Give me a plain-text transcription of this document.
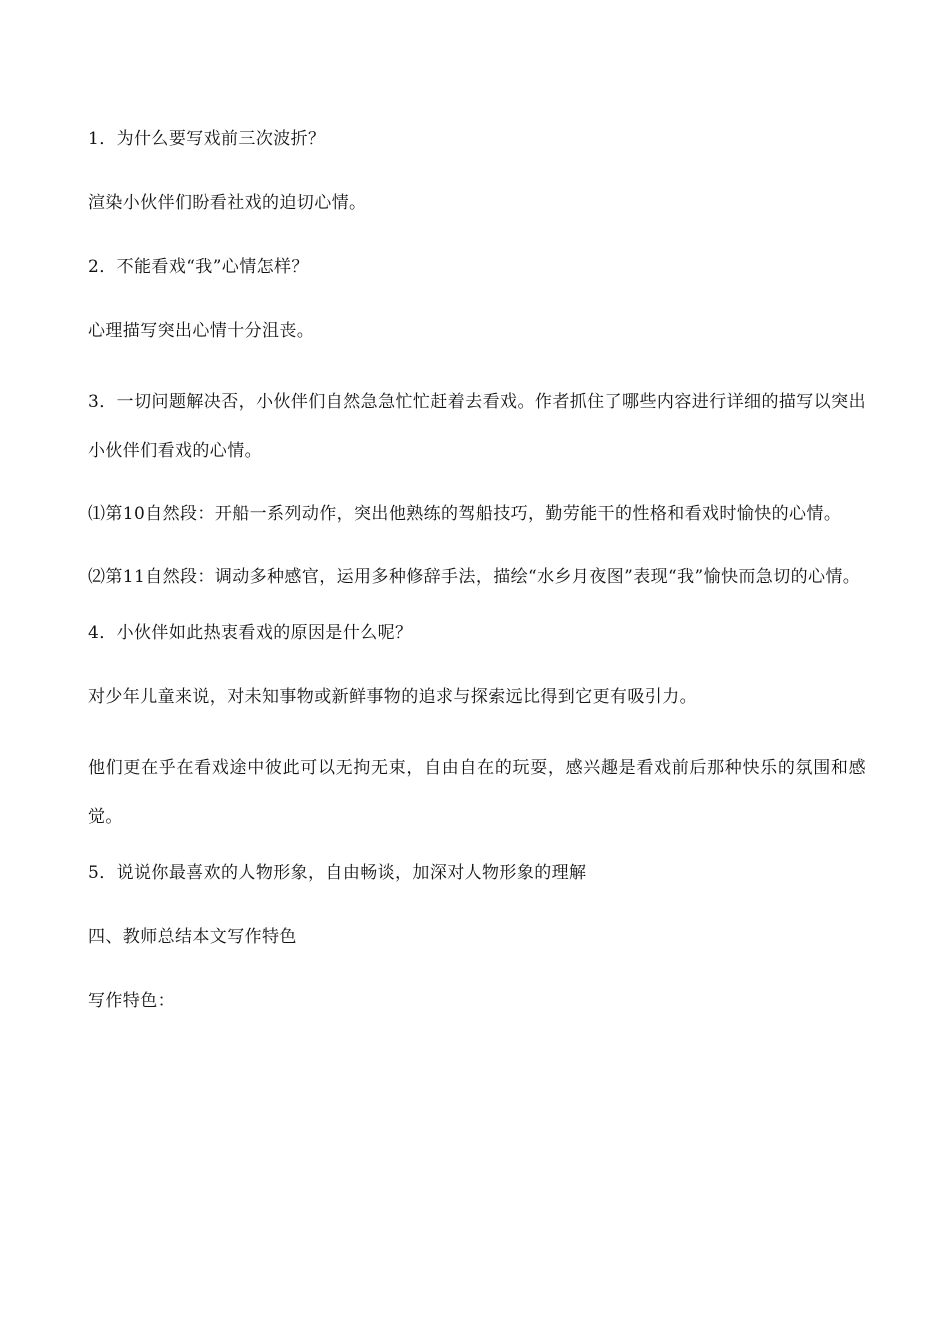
1．为什么要写戏前三次波折？

渲染小伙伴们盼看社戏的迫切心情。

2．不能看戏“我”心情怎样？

心理描写突出心情十分沮丧。

3．一切问题解决否，小伙伴们自然急急忙忙赶着去看戏。作者抓住了哪些内容进行详细的描写以突出小伙伴们看戏的心情。

⑴第10自然段：开船一系列动作，突出他熟练的驾船技巧，勤劳能干的性格和看戏时愉快的心情。

⑵第11自然段：调动多种感官，运用多种修辞手法，描绘“水乡月夜图”表现“我”愉快而急切的心情。

4．小伙伴如此热衷看戏的原因是什么呢？

对少年儿童来说，对未知事物或新鲜事物的追求与探索远比得到它更有吸引力。

他们更在乎在看戏途中彼此可以无拘无束，自由自在的玩耍，感兴趣是看戏前后那种快乐的氛围和感觉。

5．说说你最喜欢的人物形象，自由畅谈，加深对人物形象的理解

四、教师总结本文写作特色

写作特色：
